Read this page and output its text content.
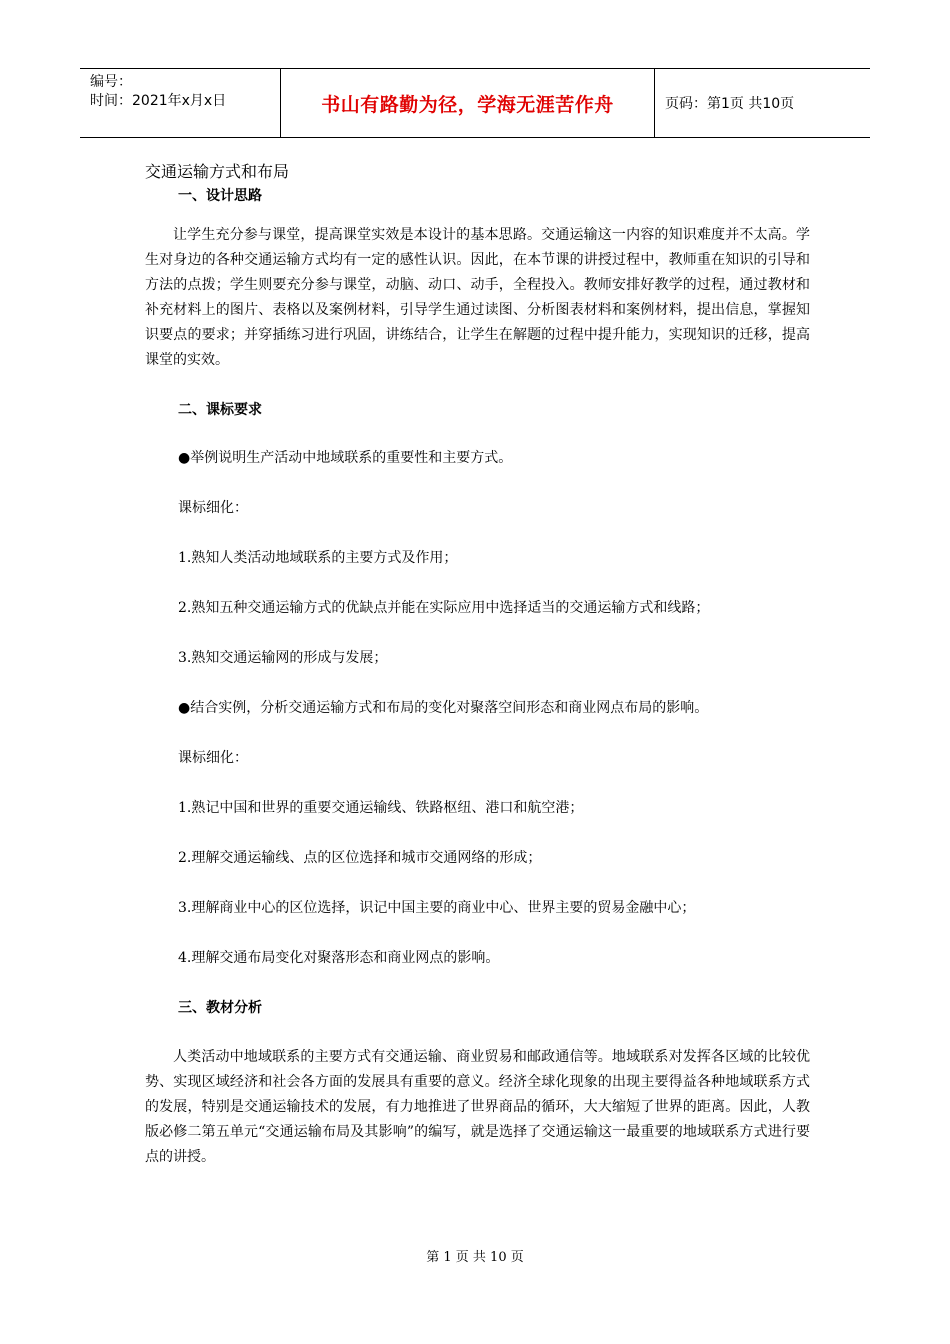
编号：
时间：2021年x月x日	书山有路勤为径，学海无涯苦作舟	页码：第1页 共10页

交通运输方式和布局

一、设计思路

让学生充分参与课堂，提高课堂实效是本设计的基本思路。交通运输这一内容的知识难度并不太高。学生对身边的各种交通运输方式均有一定的感性认识。因此，在本节课的讲授过程中，教师重在知识的引导和方法的点拨；学生则要充分参与课堂，动脑、动口、动手，全程投入。教师安排好教学的过程，通过教材和补充材料上的图片、表格以及案例材料，引导学生通过读图、分析图表材料和案例材料，提出信息，掌握知识要点的要求；并穿插练习进行巩固，讲练结合，让学生在解题的过程中提升能力，实现知识的迁移，提高课堂的实效。

二、课标要求

●举例说明生产活动中地域联系的重要性和主要方式。

课标细化：

1.熟知人类活动地域联系的主要方式及作用；

2.熟知五种交通运输方式的优缺点并能在实际应用中选择适当的交通运输方式和线路；

3.熟知交通运输网的形成与发展；

●结合实例，分析交通运输方式和布局的变化对聚落空间形态和商业网点布局的影响。

课标细化：

1.熟记中国和世界的重要交通运输线、铁路枢纽、港口和航空港；

2.理解交通运输线、点的区位选择和城市交通网络的形成；

3.理解商业中心的区位选择，识记中国主要的商业中心、世界主要的贸易金融中心；

4.理解交通布局变化对聚落形态和商业网点的影响。

三、教材分析

人类活动中地域联系的主要方式有交通运输、商业贸易和邮政通信等。地域联系对发挥各区域的比较优势、实现区域经济和社会各方面的发展具有重要的意义。经济全球化现象的出现主要得益各种地域联系方式的发展，特别是交通运输技术的发展，有力地推进了世界商品的循环，大大缩短了世界的距离。因此，人教版必修二第五单元“交通运输布局及其影响”的编写，就是选择了交通运输这一最重要的地域联系方式进行要点的讲授。

第 1 页 共 10 页
